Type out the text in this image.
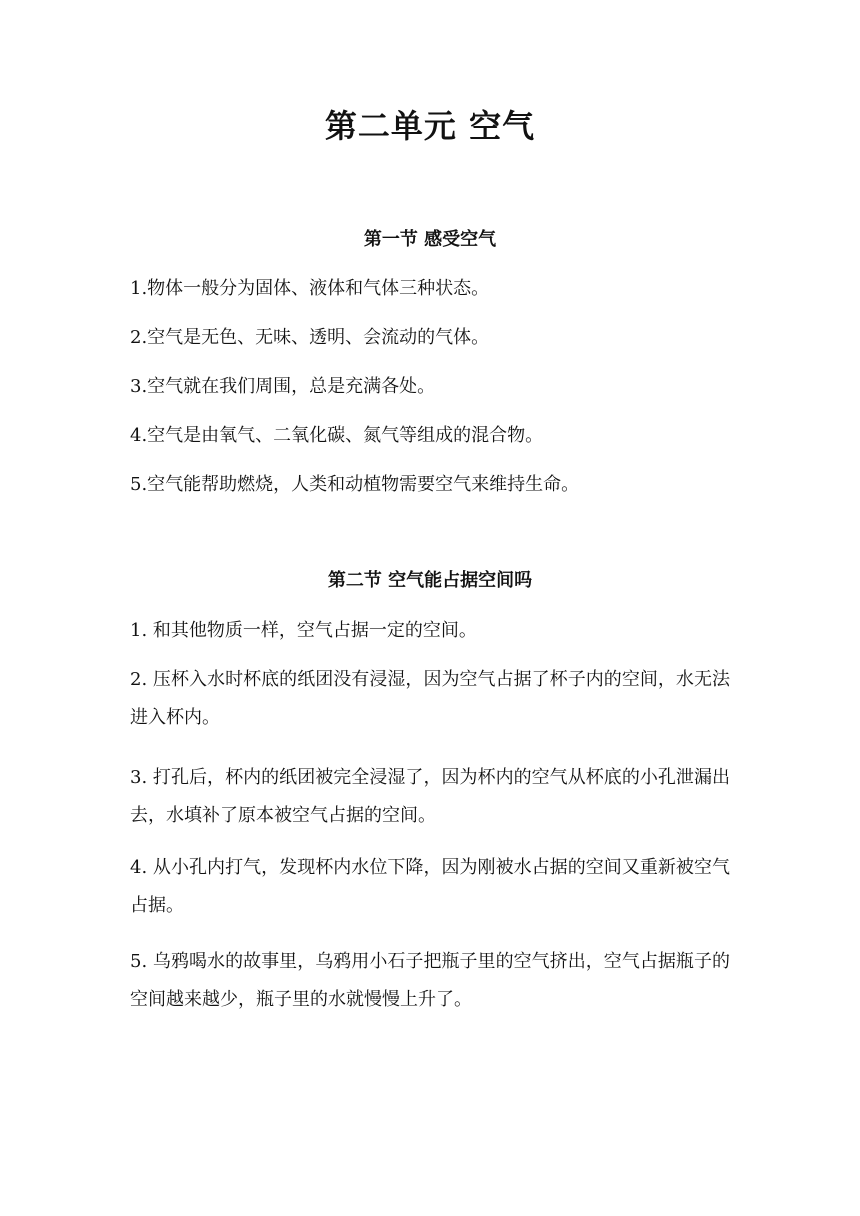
第二单元 空气
第一节 感受空气

1.物体一般分为固体、液体和气体三种状态。

2.空气是无色、无味、透明、会流动的气体。

3.空气就在我们周围，总是充满各处。

4.空气是由氧气、二氧化碳、氮气等组成的混合物。

5.空气能帮助燃烧，人类和动植物需要空气来维持生命。

第二节 空气能占据空间吗

1. 和其他物质一样，空气占据一定的空间。

2. 压杯入水时杯底的纸团没有浸湿，因为空气占据了杯子内的空间，水无法进入杯内。

3. 打孔后，杯内的纸团被完全浸湿了，因为杯内的空气从杯底的小孔泄漏出去，水填补了原本被空气占据的空间。

4. 从小孔内打气，发现杯内水位下降，因为刚被水占据的空间又重新被空气占据。

5. 乌鸦喝水的故事里，乌鸦用小石子把瓶子里的空气挤出，空气占据瓶子的空间越来越少，瓶子里的水就慢慢上升了。
